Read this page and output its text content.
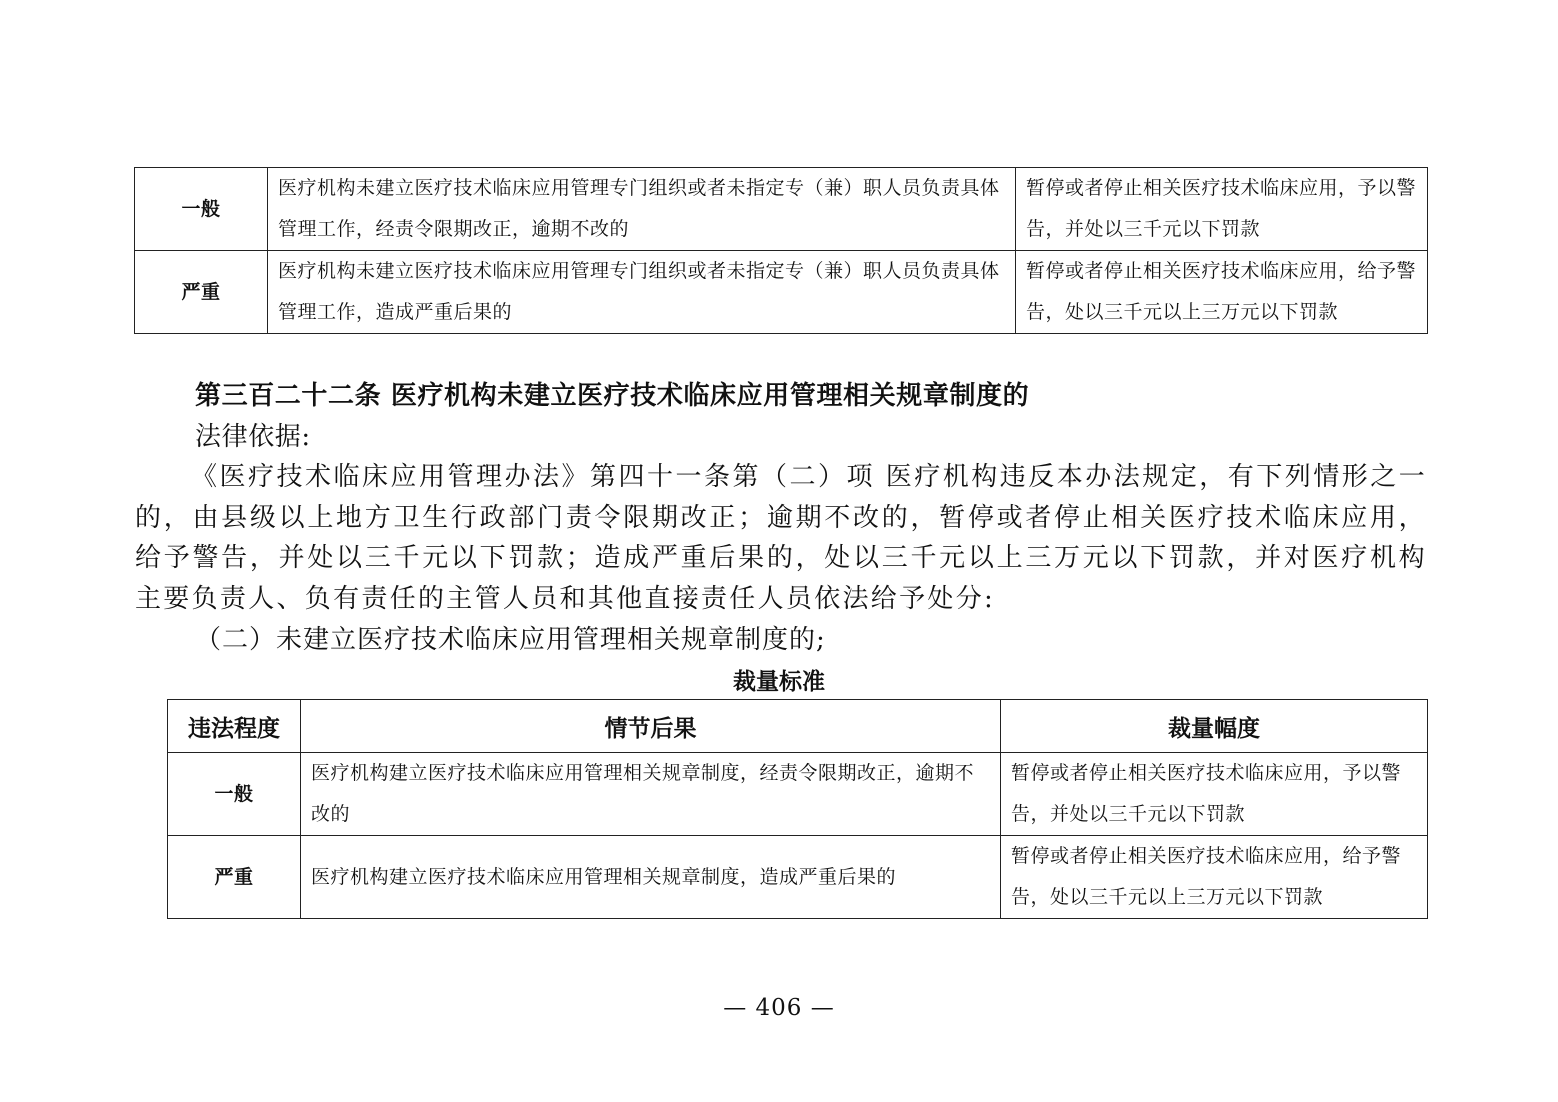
一般	医疗机构未建立医疗技术临床应用管理专门组织或者未指定专（兼）职人员负责具体管理工作，经责令限期改正，逾期不改的	暂停或者停止相关医疗技术临床应用，予以警告，并处以三千元以下罚款
严重	医疗机构未建立医疗技术临床应用管理专门组织或者未指定专（兼）职人员负责具体管理工作，造成严重后果的	暂停或者停止相关医疗技术临床应用，给予警告，处以三千元以上三万元以下罚款
第三百二十二条 医疗机构未建立医疗技术临床应用管理相关规章制度的
法律依据:
《医疗技术临床应用管理办法》第四十一条第（二）项 医疗机构违反本办法规定，有下列情形之一的，由县级以上地方卫生行政部门责令限期改正；逾期不改的，暂停或者停止相关医疗技术临床应用，给予警告，并处以三千元以下罚款；造成严重后果的，处以三千元以上三万元以下罚款，并对医疗机构主要负责人、负有责任的主管人员和其他直接责任人员依法给予处分:
（二）未建立医疗技术临床应用管理相关规章制度的;
裁量标准
违法程度	情节后果	裁量幅度
一般	医疗机构建立医疗技术临床应用管理相关规章制度，经责令限期改正，逾期不改的	暂停或者停止相关医疗技术临床应用，予以警告，并处以三千元以下罚款
严重	医疗机构建立医疗技术临床应用管理相关规章制度，造成严重后果的	暂停或者停止相关医疗技术临床应用，给予警告，处以三千元以上三万元以下罚款
— 406 —
